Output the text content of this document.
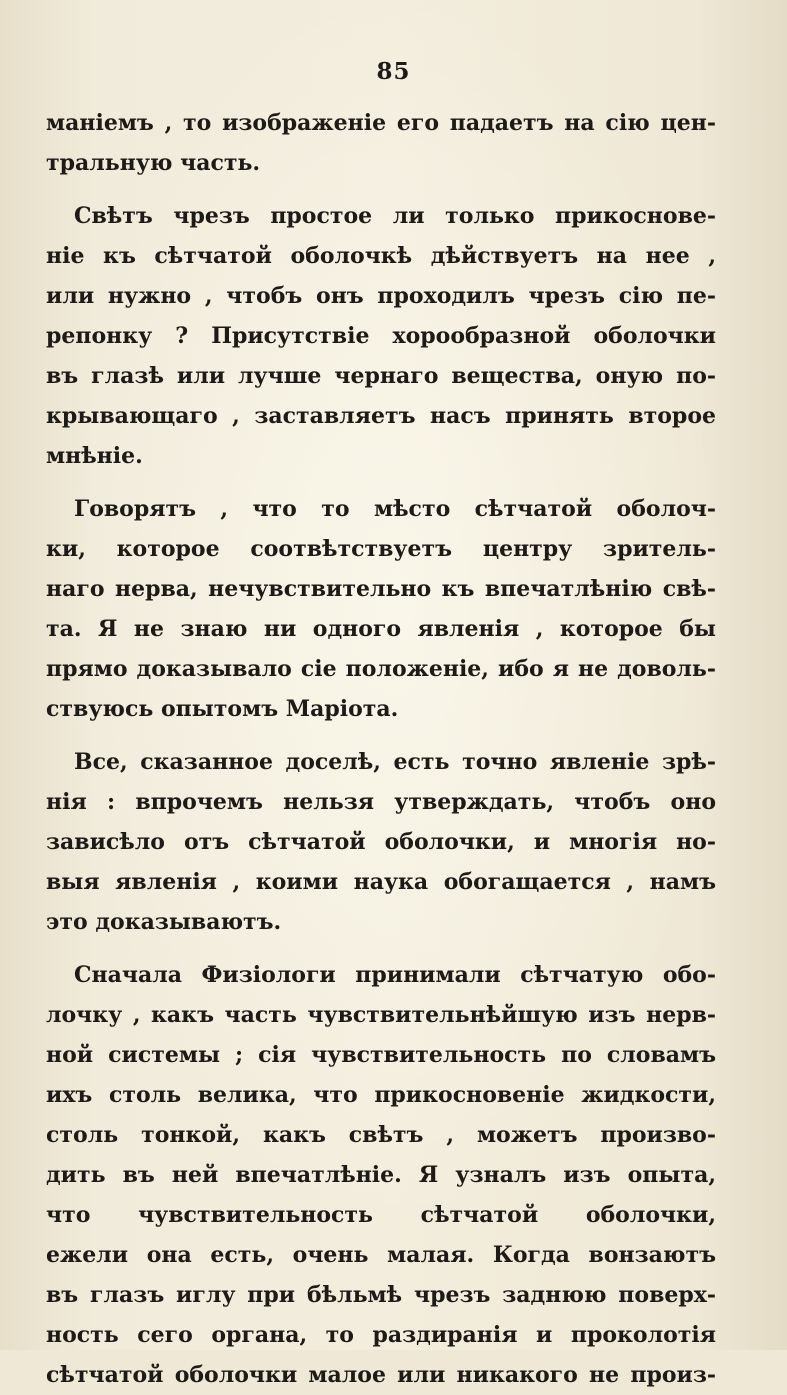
85
маніемъ , то изображеніе его падаетъ на сію цен-
тральную часть.
Свѣтъ чрезъ простое ли только прикоснове-
ніе къ сѣтчатой оболочкѣ дѣйствуетъ на нее ,
или нужно , чтобъ онъ проходилъ чрезъ сію пе-
репонку ? Присутствіе хорообразной оболочки
въ глазѣ или лучше чернаго вещества, оную по-
крывающаго , заставляетъ насъ принять второе
мнѣніе.
Говорятъ , что то мѣсто сѣтчатой оболоч-
ки, которое соотвѣтствуетъ центру зритель-
наго нерва, нечувствительно къ впечатлѣнію свѣ-
та. Я не знаю ни одного явленія , которое бы
прямо доказывало сіе положеніе, ибо я не доволь-
ствуюсь опытомъ Маріота.
Все, сказанное доселѣ, есть точно явленіе зрѣ-
нія : впрочемъ нельзя утверждать, чтобъ оно
зависѣло отъ сѣтчатой оболочки, и многія но-
выя явленія , коими наука обогащается , намъ
это доказываютъ.
Сначала Физіологи принимали сѣтчатую обо-
лочку , какъ часть чувствительнѣйшую изъ нерв-
ной системы ; сія чувствительность по словамъ
ихъ столь велика, что прикосновеніе жидкости,
столь тонкой, какъ свѣтъ , можетъ произво-
дить въ ней впечатлѣніе. Я узналъ изъ опыта,
что чувствительность сѣтчатой оболочки,
ежели она есть, очень малая. Когда вонзаютъ
въ глазъ иглу при бѣльмѣ чрезъ заднюю поверх-
ность сего органа, то раздиранія и проколотія
сѣтчатой оболочки малое или никакого не произ-
